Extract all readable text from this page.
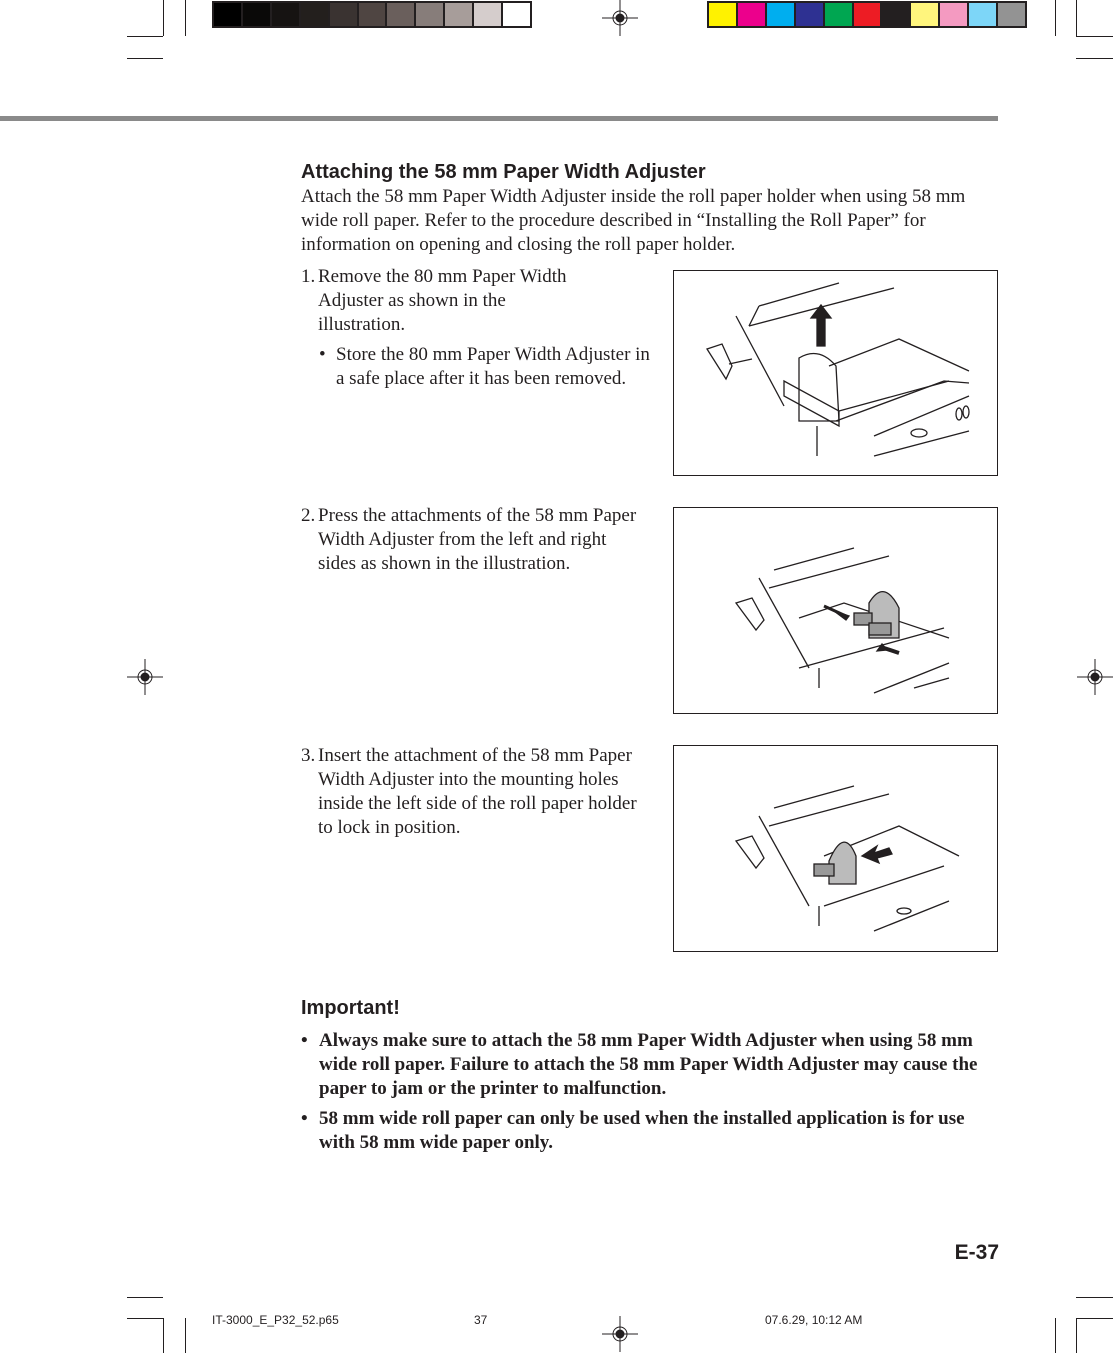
Attaching the 58 mm Paper Width Adjuster
Attach the 58 mm Paper Width Adjuster inside the roll paper holder when using 58 mm wide roll paper. Refer to the procedure described in “Installing the Roll Paper” for information on opening and closing the roll paper holder.
1. Remove the 80 mm Paper Width Adjuster as shown in the illustration.
• Store the 80 mm Paper Width Adjuster in a safe place after it has been removed.
2. Press the attachments of the 58 mm Paper Width Adjuster from the left and right sides as shown in the illustration.
3. Insert the attachment of the 58 mm Paper Width Adjuster into the mounting holes inside the left side of the roll paper holder to lock in position.
Important!
• Always make sure to attach the 58 mm Paper Width Adjuster when using 58 mm wide roll paper. Failure to attach the 58 mm Paper Width Adjuster may cause the paper to jam or the printer to malfunction.
• 58 mm wide roll paper can only be used when the installed application is for use with 58 mm wide paper only.
E-37
IT-3000_E_P32_52.p65	37	07.6.29, 10:12 AM
